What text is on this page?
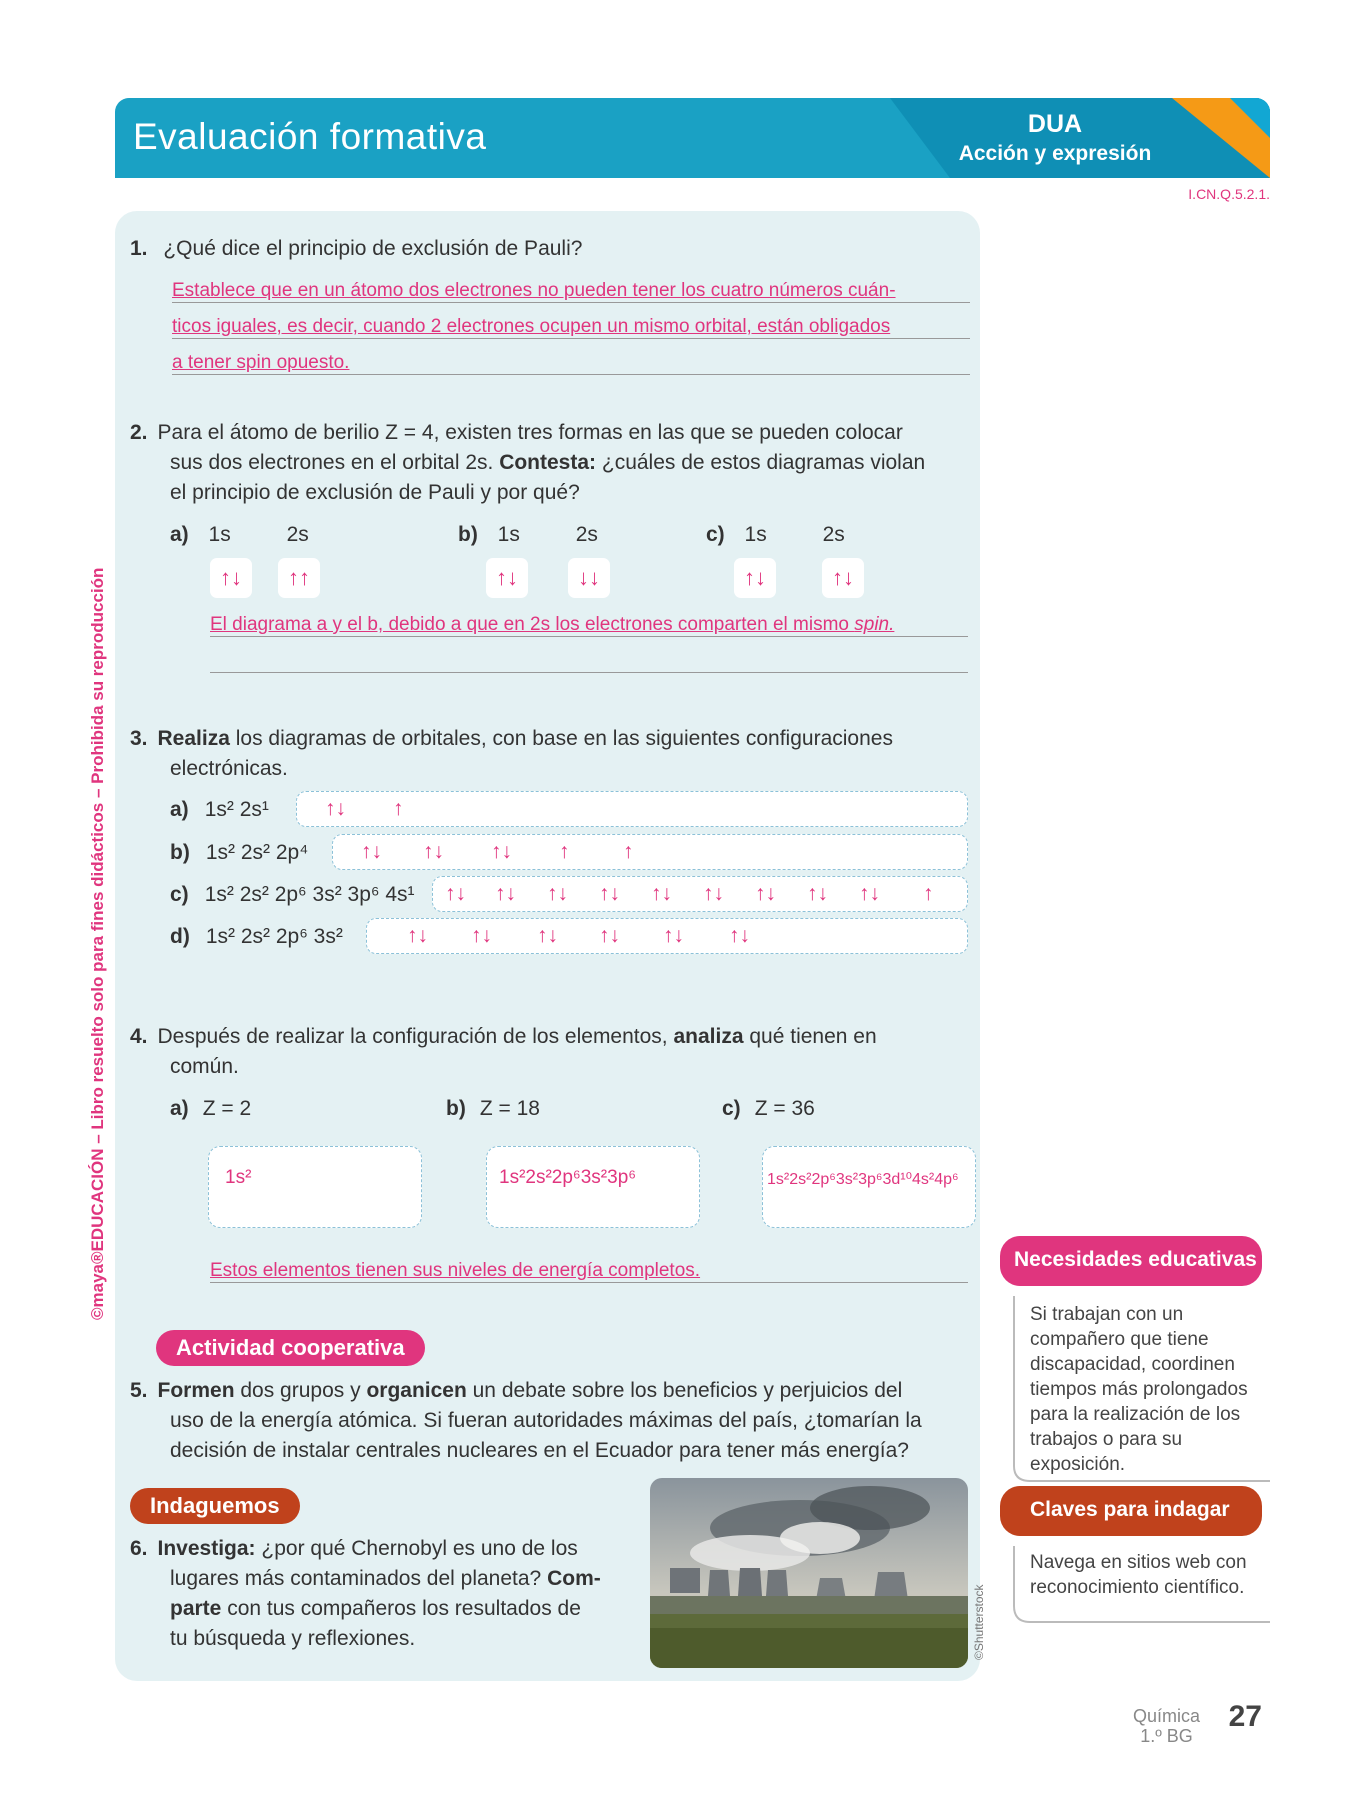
Evaluación formativa	DUA
Acción y expresión
I.CN.Q.5.2.1.
©maya®EDUCACIÓN – Libro resuelto solo para fines didácticos – Prohibida su reproducción
1. ¿Qué dice el principio de exclusión de Pauli?
Establece que en un átomo dos electrones no pueden tener los cuatro números cuán-
ticos iguales, es decir, cuando 2 electrones ocupen un mismo orbital, están obligados
a tener spin opuesto.
2. Para el átomo de berilio Z = 4, existen tres formas en las que se pueden colocar
sus dos electrones en el orbital 2s. Contesta: ¿cuáles de estos diagramas violan
el principio de exclusión de Pauli y por qué?
a) 1s	2s
↑↓	↑↑
b) 1s	2s
↑↓	↓↓
c) 1s	2s
↑↓	↑↓
El diagrama a y el b, debido a que en 2s los electrones comparten el mismo spin.
3. Realiza los diagramas de orbitales, con base en las siguientes configuraciones
electrónicas.
a) 1s² 2s¹	↑↓ ↑
b) 1s² 2s² 2p⁴	↑↓ ↑↓ ↑↓ ↑	↑
c) 1s² 2s² 2p⁶ 3s² 3p⁶ 4s¹ ↑↓ ↑↓ ↑↓ ↑↓ ↑↓ ↑↓ ↑↓ ↑↓ ↑↓ ↑
d) 1s² 2s² 2p⁶ 3s²	↑↓ ↑↓ ↑↓ ↑↓ ↑↓ ↑↓
4. Después de realizar la configuración de los elementos, analiza qué tienen en
común.
a) Z = 2	b) Z = 18	c) Z = 36
1s²	1s²2s²2p⁶3s²3p⁶	1s²2s²2p⁶3s²3p⁶3d¹⁰4s²4p⁶
Estos elementos tienen sus niveles de energía completos.
Actividad cooperativa
5. Formen dos grupos y organicen un debate sobre los beneficios y perjuicios del
uso de la energía atómica. Si fueran autoridades máximas del país, ¿tomarían la
decisión de instalar centrales nucleares en el Ecuador para tener más energía?
Indaguemos
6. Investiga: ¿por qué Chernobyl es uno de los
lugares más contaminados del planeta? Com-
parte con tus compañeros los resultados de
tu búsqueda y reflexiones.	©Shutterstock
Necesidades educativas
Si trabajan con un
compañero que tiene
discapacidad, coordinen
tiempos más prolongados
para la realización de los
trabajos o para su
exposición.
Claves para indagar
Navega en sitios web con
reconocimiento científico.
Química
1.º BG
27
